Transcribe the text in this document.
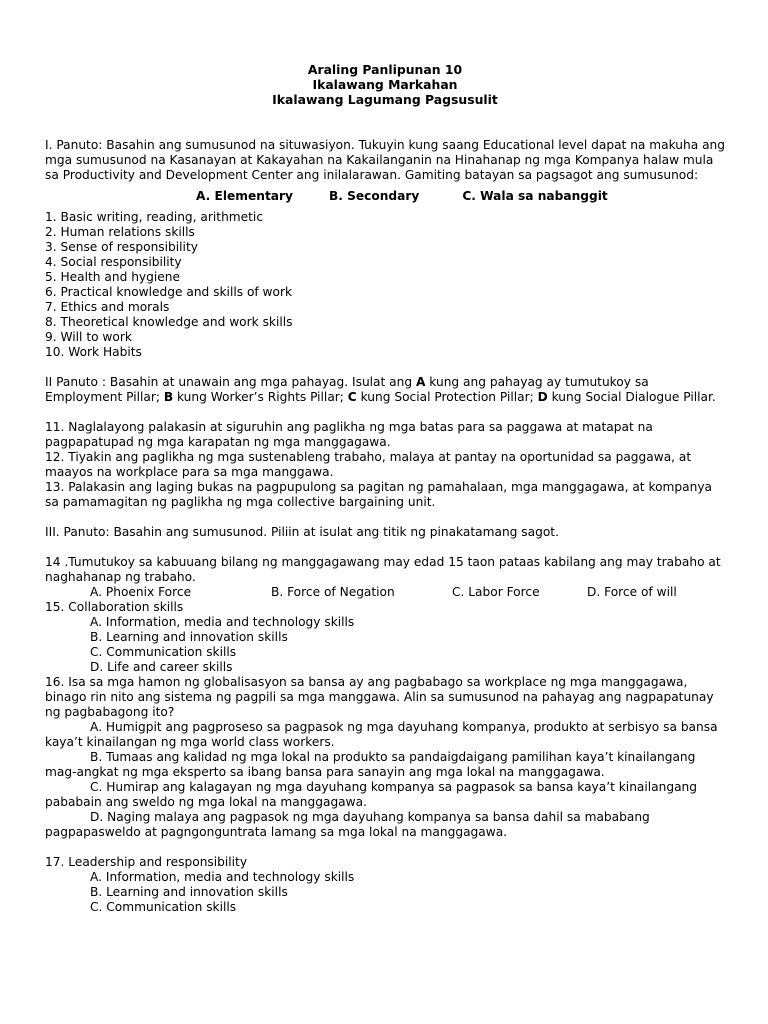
Araling Panlipunan 10
Ikalawang Markahan
Ikalawang Lagumang Pagsusulit

I. Panuto: Basahin ang sumusunod na situwasiyon. Tukuyin kung saang Educational level dapat na makuha ang mga sumusunod na Kasanayan at Kakayahan na Kakailanganin na Hinahanap ng mga Kompanya halaw mula sa Productivity and Development Center ang inilalarawan. Gamiting batayan sa pagsagot ang sumusunod:

A. Elementary	B. Secondary	C. Wala sa nabanggit
1. Basic writing, reading, arithmetic
2. Human relations skills
3. Sense of responsibility
4. Social responsibility
5. Health and hygiene
6. Practical knowledge and skills of work
7. Ethics and morals
8. Theoretical knowledge and work skills
9. Will to work
10. Work Habits

II Panuto : Basahin at unawain ang mga pahayag. Isulat ang A kung ang pahayag ay tumutukoy sa Employment Pillar; B kung Worker’s Rights Pillar; C kung Social Protection Pillar; D kung Social Dialogue Pillar.

11. Naglalayong palakasin at siguruhin ang paglikha ng mga batas para sa paggawa at matapat na pagpapatupad ng mga karapatan ng mga manggagawa.
12. Tiyakin ang paglikha ng mga sustenableng trabaho, malaya at pantay na oportunidad sa paggawa, at maayos na workplace para sa mga manggawa.
13. Palakasin ang laging bukas na pagpupulong sa pagitan ng pamahalaan, mga manggagawa, at kompanya sa pamamagitan ng paglikha ng mga collective bargaining unit.

III. Panuto: Basahin ang sumusunod. Piliin at isulat ang titik ng pinakatamang sagot.

14 .Tumutukoy sa kabuuang bilang ng manggagawang may edad 15 taon pataas kabilang ang may trabaho at naghahanap ng trabaho.
A. Phoenix Force	B. Force of Negation	C. Labor Force	D. Force of will
15. Collaboration skills
A. Information, media and technology skills
B. Learning and innovation skills
C. Communication skills
D. Life and career skills
16. Isa sa mga hamon ng globalisasyon sa bansa ay ang pagbabago sa workplace ng mga manggagawa, binago rin nito ang sistema ng pagpili sa mga manggawa. Alin sa sumusunod na pahayag ang nagpapatunay ng pagbabagong ito?
A. Humigpit ang pagproseso sa pagpasok ng mga dayuhang kompanya, produkto at serbisyo sa bansa kaya’t kinailangan ng mga world class workers.
B. Tumaas ang kalidad ng mga lokal na produkto sa pandaigdaigang pamilihan kaya’t kinailangang mag-angkat ng mga eksperto sa ibang bansa para sanayin ang mga lokal na manggagawa.
C. Humirap ang kalagayan ng mga dayuhang kompanya sa pagpasok sa bansa kaya’t kinailangang pababain ang sweldo ng mga lokal na manggagawa.
D. Naging malaya ang pagpasok ng mga dayuhang kompanya sa bansa dahil sa mababang pagpapasweldo at pagngonguntrata lamang sa mga lokal na manggagawa.
17. Leadership and responsibility
A. Information, media and technology skills
B. Learning and innovation skills
C. Communication skills
